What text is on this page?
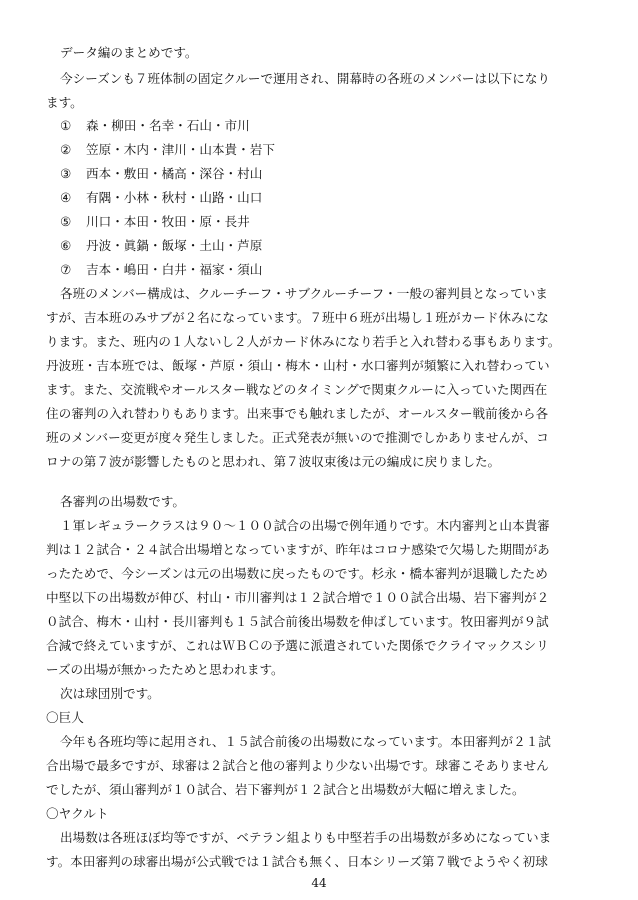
データ編のまとめです。
今シーズンも７班体制の固定クルーで運用され、開幕時の各班のメンバーは以下になり
ます。
① 森・柳田・名幸・石山・市川
② 笠原・木内・津川・山本貴・岩下
③ 西本・敷田・橘高・深谷・村山
④ 有隅・小林・秋村・山路・山口
⑤ 川口・本田・牧田・原・長井
⑥ 丹波・眞鍋・飯塚・土山・芦原
⑦ 吉本・嶋田・白井・福家・須山
各班のメンバー構成は、クルーチーフ・サブクルーチーフ・一般の審判員となっていま
すが、吉本班のみサブが２名になっています。７班中６班が出場し１班がカード休みにな
ります。また、班内の１人ないし２人がカード休みになり若手と入れ替わる事もあります。
丹波班・吉本班では、飯塚・芦原・須山・梅木・山村・水口審判が頻繁に入れ替わってい
ます。また、交流戦やオールスター戦などのタイミングで関東クルーに入っていた関西在
住の審判の入れ替わりもあります。出来事でも触れましたが、オールスター戦前後から各
班のメンバー変更が度々発生しました。正式発表が無いので推測でしかありませんが、コ
ロナの第７波が影響したものと思われ、第７波収束後は元の編成に戻りました。
各審判の出場数です。
１軍レギュラークラスは９０～１００試合の出場で例年通りです。木内審判と山本貴審
判は１２試合・２４試合出場増となっていますが、昨年はコロナ感染で欠場した期間があ
ったためで、今シーズンは元の出場数に戻ったものです。杉永・橋本審判が退職したため
中堅以下の出場数が伸び、村山・市川審判は１２試合増で１００試合出場、岩下審判が２
０試合、梅木・山村・長川審判も１５試合前後出場数を伸ばしています。牧田審判が９試
合減で終えていますが、これはＷＢＣの予選に派遣されていた関係でクライマックスシリ
ーズの出場が無かったためと思われます。
次は球団別です。
〇巨人
今年も各班均等に起用され、１５試合前後の出場数になっています。本田審判が２１試
合出場で最多ですが、球審は２試合と他の審判より少ない出場です。球審こそありません
でしたが、須山審判が１０試合、岩下審判が１２試合と出場数が大幅に増えました。
〇ヤクルト
出場数は各班ほぼ均等ですが、ベテラン組よりも中堅若手の出場数が多めになっていま
す。本田審判の球審出場が公式戦では１試合も無く、日本シリーズ第７戦でようやく初球
44
